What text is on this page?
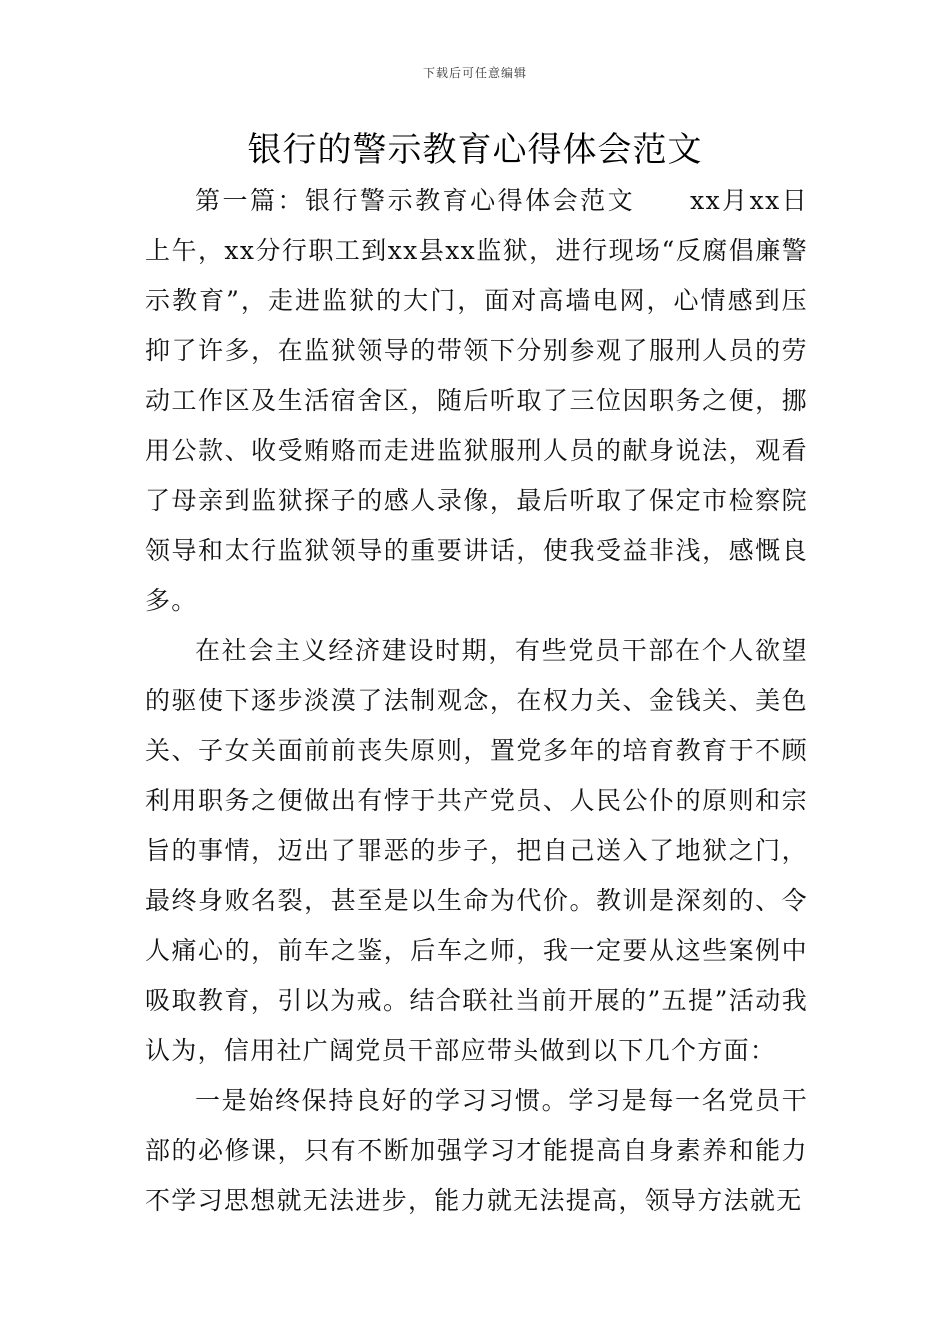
下载后可任意编辑
银行的警示教育心得体会范文

第一篇：银行警示教育心得体会范文　　xx月xx日上午，xx分行职工到xx县xx监狱，进行现场“反腐倡廉警示教育”，走进监狱的大门，面对高墙电网，心情感到压抑了许多，在监狱领导的带领下分别参观了服刑人员的劳动工作区及生活宿舍区，随后听取了三位因职务之便，挪用公款、收受贿赂而走进监狱服刑人员的献身说法，观看了母亲到监狱探子的感人录像，最后听取了保定市检察院领导和太行监狱领导的重要讲话，使我受益非浅，感慨良多。

在社会主义经济建设时期，有些党员干部在个人欲望的驱使下逐步淡漠了法制观念，在权力关、金钱关、美色关、子女关面前前丧失原则，置党多年的培育教育于不顾利用职务之便做出有悖于共产党员、人民公仆的原则和宗旨的事情，迈出了罪恶的步子，把自己送入了地狱之门，最终身败名裂，甚至是以生命为代价。教训是深刻的、令人痛心的，前车之鉴，后车之师，我一定要从这些案例中吸取教育，引以为戒。结合联社当前开展的”五提”活动我认为，信用社广阔党员干部应带头做到以下几个方面：

一是始终保持良好的学习习惯。学习是每一名党员干部的必修课，只有不断加强学习才能提高自身素养和能力不学习思想就无法进步，能力就无法提高，领导方法就无
